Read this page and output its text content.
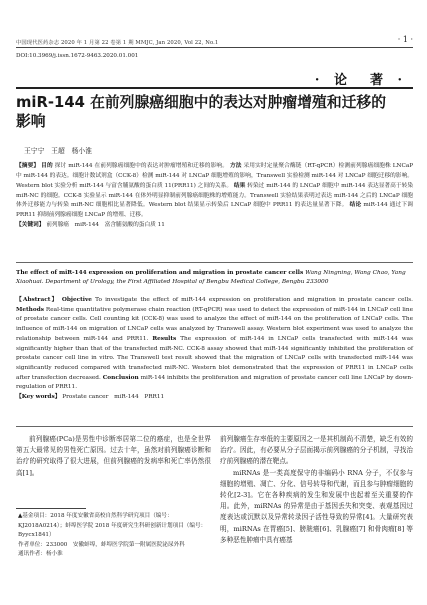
中国现代医药杂志 2020 年 1 月第 22 卷第 1 期 MMJC, Jan 2020, Vol 22, No.1	· 1 ·
DOI:10.3969/j.issn.1672-9463.2020.01.001
· 论　著 ·
miR-144 在前列腺癌细胞中的表达对肿瘤增殖和迁移的影响
王宁宁　王超　杨小淮
【摘要】 目的 探讨 miR-144 在前列腺癌细胞中的表达对肿瘤增殖和迁移的影响。 方法 采用实时定量聚合酶链（RT-qPCR）检测前列腺癌细胞株 LNCaP 中 miR-144 的表达。细胞计数试剂盒（CCK-8）检测 miR-144 对 LNCaP 细胞增殖的影响，Transwell 实验检测 miR-144 对 LNCaP 细胞迁移的影响。Western blot 实验分析 miR-144 与富含脯氨酸的蛋白质 11(PRR11) 之间的关系。 结果 转染过 miR-144 的 LNCaP 细胞中 miR-144 表达显著高于转染 miR-NC 的细胞。CCK-8 实验显示 miR-144 在体外明显抑制前列腺癌细胞株的增殖能力。Transwell 实验结果表明过表达 miR-144 之后的 LNCaP 细胞体外迁移能力与转染 miR-NC 细胞相比显著降低。Western blot 结果显示转染后 LNCaP 细胞中 PRR11 的表达量显著下降。 结论 miR-144 通过下调 PRR11 抑制前列腺癌细胞 LNCaP 的增殖、迁移。
【关键词】 前列腺癌　miR-144　富含脯氨酸的蛋白质 11
The effect of miR-144 expression on proliferation and migration in prostate cancer cells Wang Ningning, Wang Chao, Yang Xiaohuai. Department of Urology, the First Affiliated Hospital of Bengbu Medical College, Bengbu 233000
【Abstract】 Objective To investigate the effect of miR-144 expression on proliferation and migration in prostate cancer cells. Methods Real-time quantitative polymerase chain reaction (RT-qPCR) was used to detect the expression of miR-144 in LNCaP cell line of prostate cancer cells. Cell counting kit (CCK-8) was used to analyze the effect of miR-144 on the proliferation of LNCaP cells. The influence of miR-144 on migration of LNCaP cells was analyzed by Transwell assay. Western blot experiment was used to analyze the relationship between miR-144 and PRR11. Results The expression of miR-144 in LNCaP cells transfected with miR-144 was significantly higher than that of the transfected miR-NC. CCK-8 assay showed that miR-144 significantly inhibited the proliferation of prostate cancer cell line in vitro. The Transwell test result showed that the migration of LNCaP cells with transfected miR-144 was significantly reduced compared with transfected miR-NC. Western blot demonstrated that the expression of PRR11 in LNCaP cells after transfection decreased. Conclusion miR-144 inhibits the proliferation and migration of prostate cancer cell line LNCaP by down-regulation of PRR11.
【Key words】 Prostate cancer　miR-144　PRR11

前列腺癌(PCa)是男性中诊断率居第二位的癌症，也是全世界第五大最常见的男性死亡原因。过去十年，虽然对前列腺癌诊断和治疗的研究取得了很大进展，但前列腺癌的发病率和死亡率仍然很高[1]。

前列腺癌生存率低的主要原因之一是其机制尚不清楚，缺乏有效的治疗。因此，有必要从分子层面揭示前列腺癌的分子机制，寻找治疗前列腺癌的潜在靶点。

miRNAs 是一类高度保守的非编码小 RNA 分子，不仅参与细胞的增殖、凋亡、分化、信号转导和代谢，而且参与肿瘤细胞的转化[2-3]。它在各种疾病的发生和发展中也起着至关重要的作用。此外，miRNAs 的异常是由于基因丢失和突变、表观基因过度表达或沉默以及异常转录因子活性导致的异常[4]。大量研究表明，miRNAs 在胃癌[5]、膀胱癌[6]、乳腺癌[7] 和骨肉瘤[8] 等多种恶性肿瘤中具有癌基

▲基金项目：2018 年度安徽省高校自然科学研究项目（编号：KJ2018A0214）；蚌埠医学院 2018 年度研究生科研创新计划项目（编号：Byycx1841）
作者单位：233000　安徽蚌埠，蚌埠医学院第一附属医院泌尿外科
通讯作者：杨小淮
